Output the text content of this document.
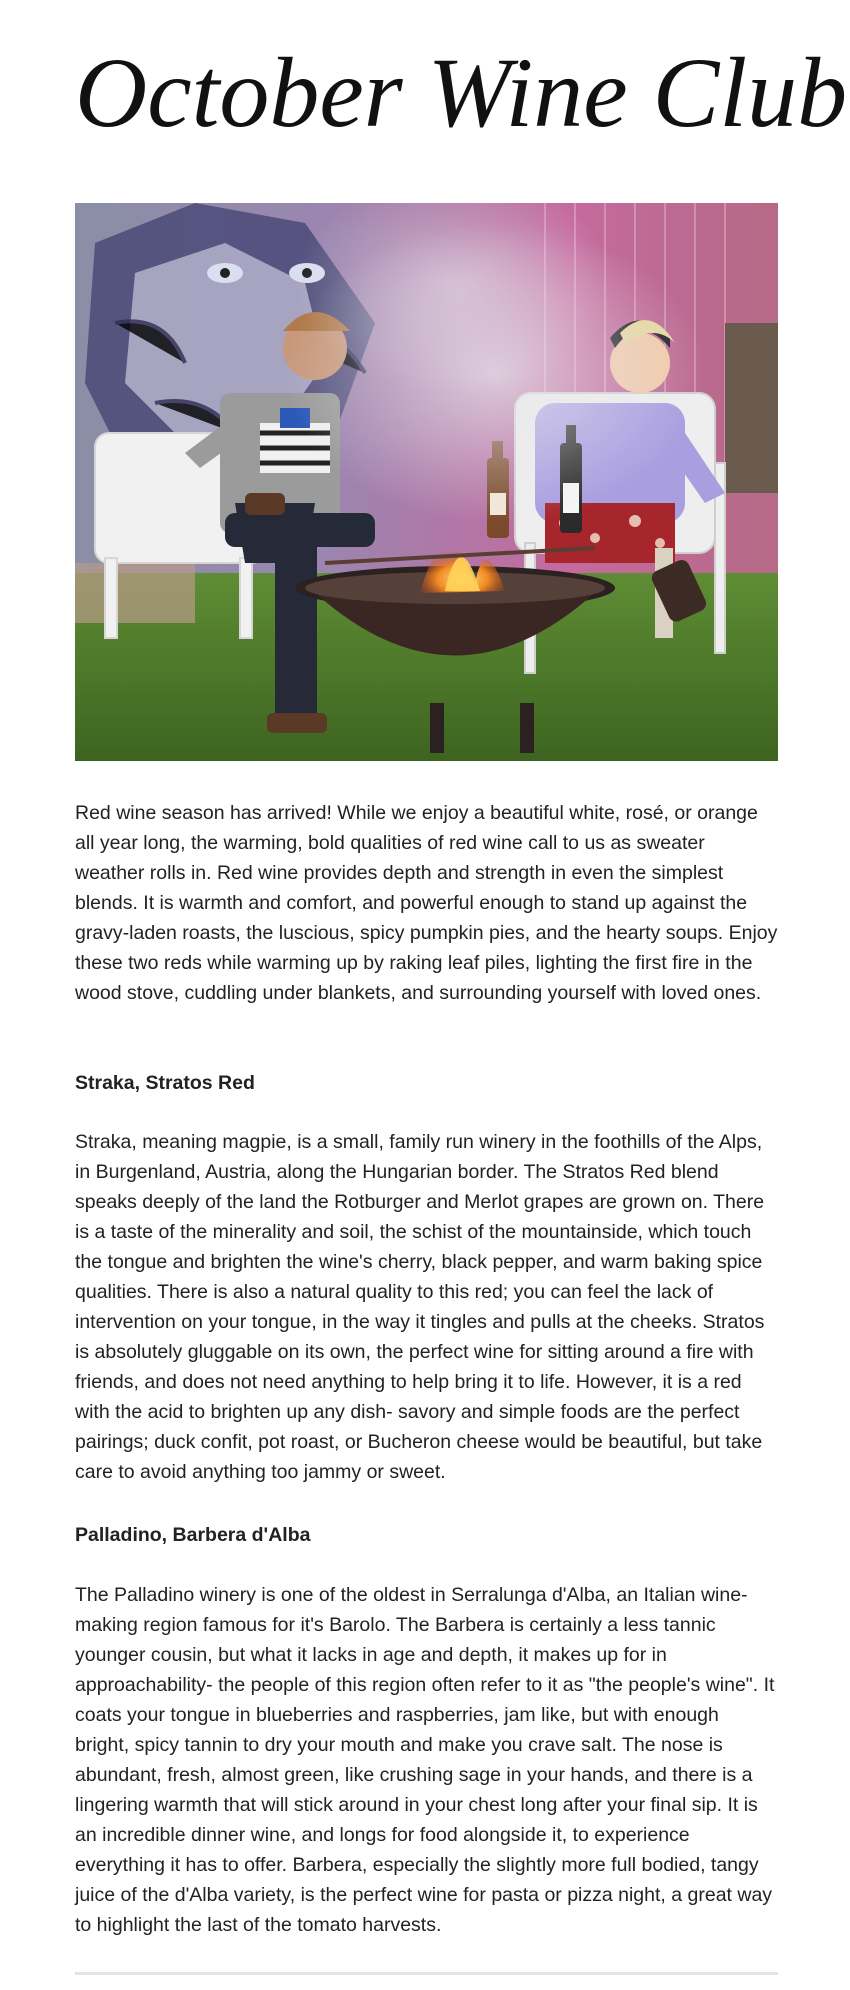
October Wine Club

Red wine season has arrived! While we enjoy a beautiful white, rosé, or orange all year long, the warming, bold qualities of red wine call to us as sweater weather rolls in. Red wine provides depth and strength in even the simplest blends. It is warmth and comfort, and powerful enough to stand up against the gravy-laden roasts, the luscious, spicy pumpkin pies, and the hearty soups. Enjoy these two reds while warming up by raking leaf piles, lighting the first fire in the wood stove, cuddling under blankets, and surrounding yourself with loved ones.

Straka, Stratos Red

Straka, meaning magpie, is a small, family run winery in the foothills of the Alps, in Burgenland, Austria, along the Hungarian border. The Stratos Red blend speaks deeply of the land the Rotburger and Merlot grapes are grown on. There is a taste of the minerality and soil, the schist of the mountainside, which touch the tongue and brighten the wine's cherry, black pepper, and warm baking spice qualities. There is also a natural quality to this red; you can feel the lack of intervention on your tongue, in the way it tingles and pulls at the cheeks. Stratos is absolutely gluggable on its own, the perfect wine for sitting around a fire with friends, and does not need anything to help bring it to life. However, it is a red with the acid to brighten up any dish- savory and simple foods are the perfect pairings; duck confit, pot roast, or Bucheron cheese would be beautiful, but take care to avoid anything too jammy or sweet.

Palladino, Barbera d'Alba

The Palladino winery is one of the oldest in Serralunga d'Alba, an Italian wine-making region famous for it's Barolo. The Barbera is certainly a less tannic younger cousin, but what it lacks in age and depth, it makes up for in approachability- the people of this region often refer to it as "the people's wine". It coats your tongue in blueberries and raspberries, jam like, but with enough bright, spicy tannin to dry your mouth and make you crave salt. The nose is abundant, fresh, almost green, like crushing sage in your hands, and there is a lingering warmth that will stick around in your chest long after your final sip. It is an incredible dinner wine, and longs for food alongside it, to experience everything it has to offer. Barbera, especially the slightly more full bodied, tangy juice of the d'Alba variety, is the perfect wine for pasta or pizza night, a great way to highlight the last of the tomato harvests.
